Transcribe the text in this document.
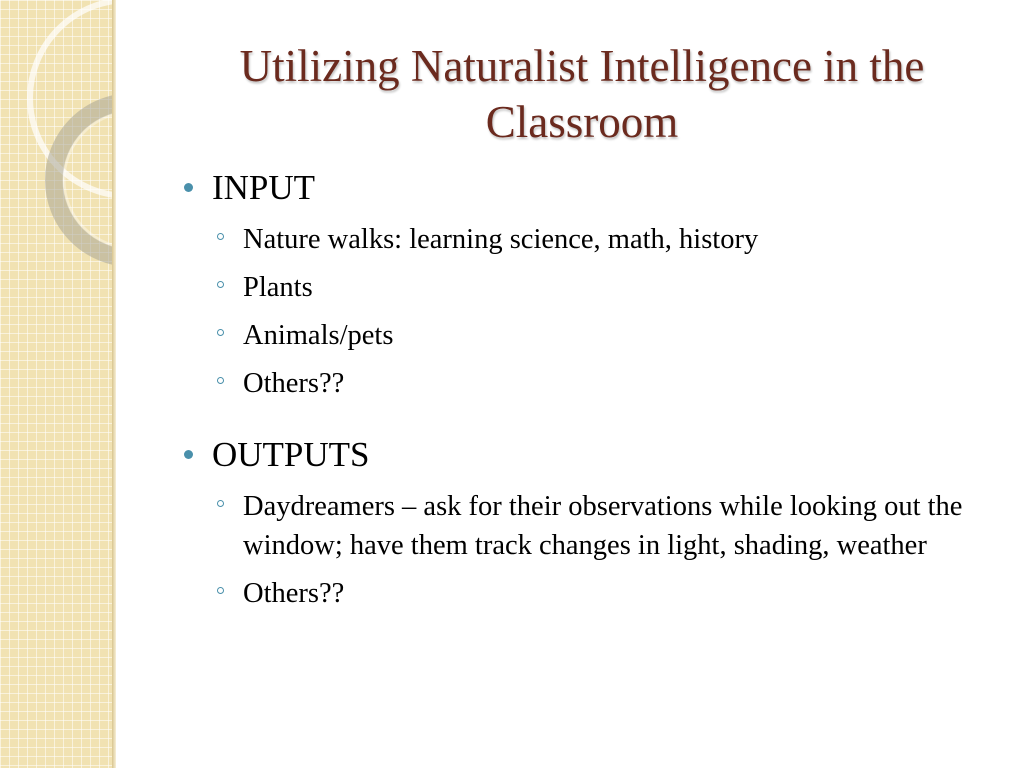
Utilizing Naturalist Intelligence in the Classroom
INPUT
Nature walks: learning science, math, history
Plants
Animals/pets
Others??
OUTPUTS
Daydreamers – ask for their observations while looking out the window; have them track changes in light, shading, weather
Others??
